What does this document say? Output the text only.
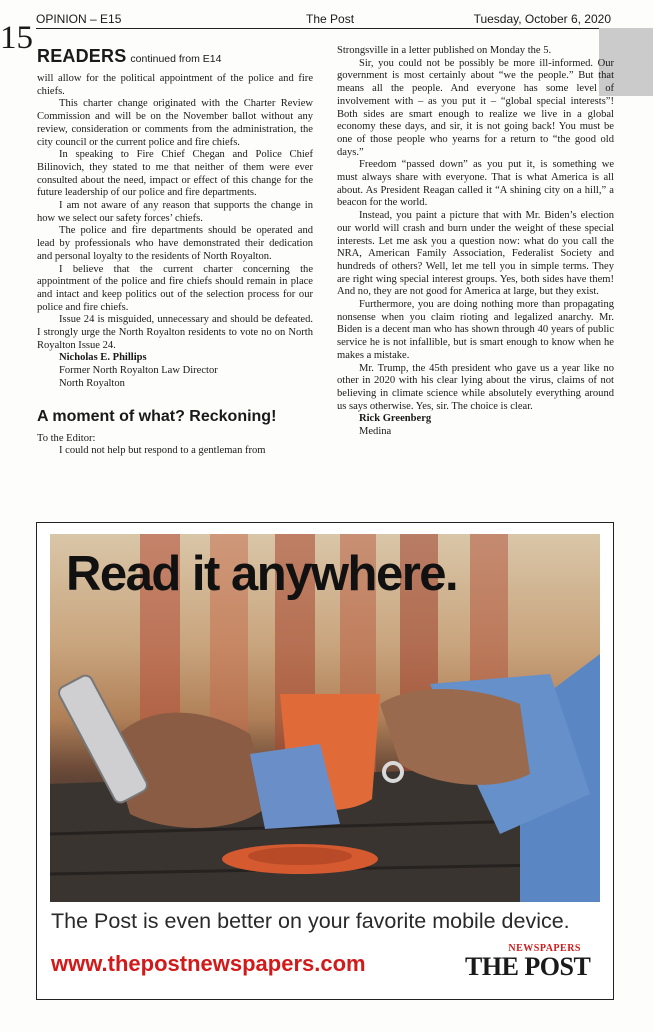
OPINION – E15	The Post	Tuesday, October 6, 2020
15 READERS continued from E14

will allow for the political appointment of the police and fire chiefs.

This charter change originated with the Charter Review Commission and will be on the November ballot without any review, consideration or comments from the administration, the city council or the current police and fire chiefs.

In speaking to Fire Chief Chegan and Police Chief Bilinovich, they stated to me that neither of them were ever consulted about the need, impact or effect of this change for the future leadership of our police and fire departments.

I am not aware of any reason that supports the change in how we select our safety forces’ chiefs.

The police and fire departments should be operated and lead by professionals who have demonstrated their dedication and personal loyalty to the residents of North Royalton.

I believe that the current charter concerning the appointment of the police and fire chiefs should remain in place and intact and keep politics out of the selection process for our police and fire chiefs.

Issue 24 is misguided, unnecessary and should be defeated. I strongly urge the North Royalton residents to vote no on North Royalton Issue 24.

Nicholas E. Phillips

Former North Royalton Law Director

North Royalton

A moment of what? Reckoning!

To the Editor:

I could not help but respond to a gentleman from

Strongsville in a letter published on Monday the 5.

Sir, you could not be possibly be more ill-informed. Our government is most certainly about “we the people.” But that means all the people. And everyone has some level of involvement with – as you put it – “global special interests”! Both sides are smart enough to realize we live in a global economy these days, and sir, it is not going back! You must be one of those people who yearns for a return to “the good old days.”

Freedom “passed down” as you put it, is something we must always share with everyone. That is what America is all about. As President Reagan called it “A shining city on a hill,” a beacon for the world.

Instead, you paint a picture that with Mr. Biden’s election our world will crash and burn under the weight of these special interests. Let me ask you a question now: what do you call the NRA, American Family Association, Federalist Society and hundreds of others? Well, let me tell you in simple terms. They are right wing special interest groups. Yes, both sides have them! And no, they are not good for America at large, but they exist.

Furthermore, you are doing nothing more than propagating nonsense when you claim rioting and legalized anarchy. Mr. Biden is a decent man who has shown through 40 years of public service he is not infallible, but is smart enough to know when he makes a mistake.

Mr. Trump, the 45th president who gave us a year like no other in 2020 with his clear lying about the virus, claims of not believing in climate science while absolutely everything around us says otherwise. Yes, sir. The choice is clear.

Rick Greenberg

Medina

Read it anywhere.
The Post is even better on your favorite mobile device.
www.thepostnewspapers.com
NEWSPAPERS
THE POST
